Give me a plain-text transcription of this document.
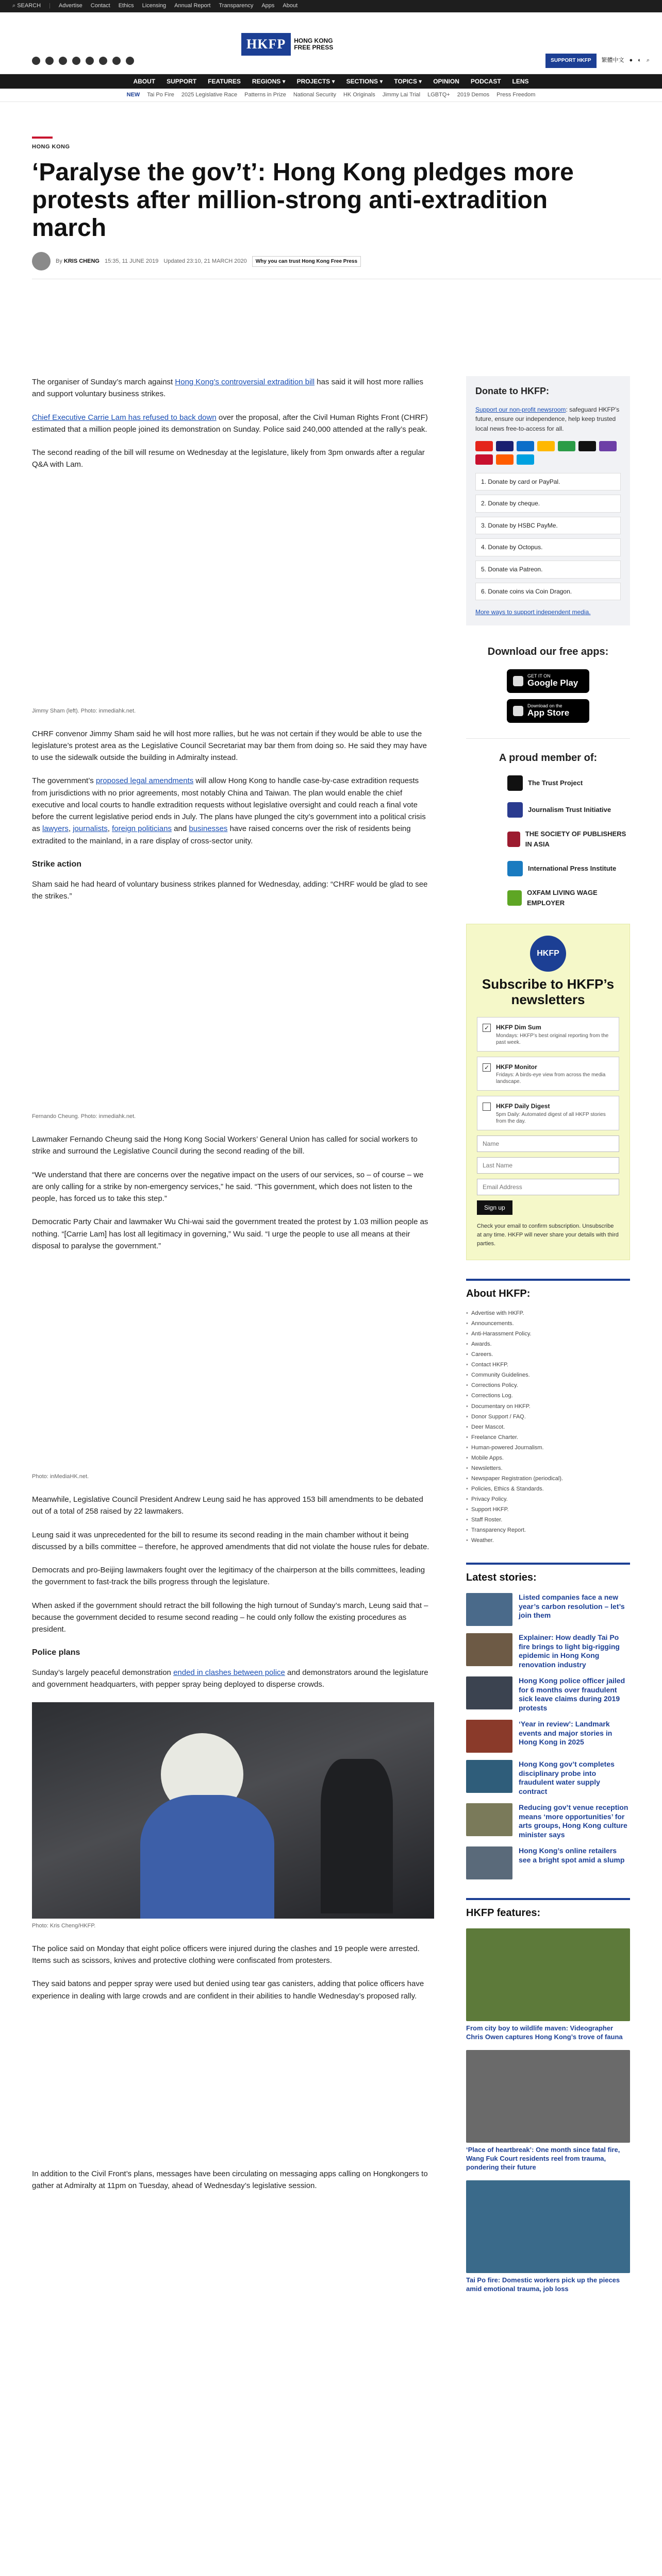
⌕ SEARCH | Advertise Contact Ethics Licensing Annual Report Transparency Apps About
HKFP	HONG KONG
FREE PRESS
SUPPORT HKFP	繁體中文 ● ◐ ⌕
ABOUT SUPPORT FEATURES REGIONS ▾ PROJECTS ▾ SECTIONS ▾ TOPICS ▾ OPINION PODCAST LENS
NEW Tai Po Fire 2025 Legislative Race Patterns in Prize National Security HK Originals Jimmy Lai Trial LGBTQ+ 2019 Demos Press Freedom
HONG KONG
‘Paralyse the gov’t’: Hong Kong pledges more protests after million-strong anti-extradition march
By KRIS CHENG 15:35, 11 JUNE 2019 Updated 23:10, 21 MARCH 2020	Why you can trust Hong Kong Free Press

The organiser of Sunday’s march against Hong Kong’s controversial extradition bill has said it will host more rallies and support voluntary business strikes.

Chief Executive Carrie Lam has refused to back down over the proposal, after the Civil Human Rights Front (CHRF) estimated that a million people joined its demonstration on Sunday. Police said 240,000 attended at the rally’s peak.

The second reading of the bill will resume on Wednesday at the legislature, likely from 3pm onwards after a regular Q&A with Lam.

Jimmy Sham (left). Photo: inmediahk.net.

CHRF convenor Jimmy Sham said he will host more rallies, but he was not certain if they would be able to use the legislature’s protest area as the Legislative Council Secretariat may bar them from doing so. He said they may have to use the sidewalk outside the building in Admiralty instead.

The government’s proposed legal amendments will allow Hong Kong to handle case-by-case extradition requests from jurisdictions with no prior agreements, most notably China and Taiwan. The plan would enable the chief executive and local courts to handle extradition requests without legislative oversight and could reach a final vote before the current legislative period ends in July. The plans have plunged the city’s government into a political crisis as lawyers, journalists, foreign politicians and businesses have raised concerns over the risk of residents being extradited to the mainland, in a rare display of cross-sector unity.

Strike action

Sham said he had heard of voluntary business strikes planned for Wednesday, adding: “CHRF would be glad to see the strikes.”

Fernando Cheung. Photo: inmediahk.net.

Lawmaker Fernando Cheung said the Hong Kong Social Workers’ General Union has called for social workers to strike and surround the Legislative Council during the second reading of the bill.

“We understand that there are concerns over the negative impact on the users of our services, so – of course – we are only calling for a strike by non-emergency services,” he said. “This government, which does not listen to the people, has forced us to take this step.”

Democratic Party Chair and lawmaker Wu Chi-wai said the government treated the protest by 1.03 million people as nothing. “[Carrie Lam] has lost all legitimacy in governing,” Wu said. “I urge the people to use all means at their disposal to paralyse the government.”

Photo: inMediaHK.net.

Meanwhile, Legislative Council President Andrew Leung said he has approved 153 bill amendments to be debated out of a total of 258 raised by 22 lawmakers.

Leung said it was unprecedented for the bill to resume its second reading in the main chamber without it being discussed by a bills committee – therefore, he approved amendments that did not violate the house rules for debate.

Democrats and pro-Beijing lawmakers fought over the legitimacy of the chairperson at the bills committees, leading the government to fast-track the bills progress through the legislature.

When asked if the government should retract the bill following the high turnout of Sunday’s march, Leung said that – because the government decided to resume second reading – he could only follow the existing procedures as president.

Police plans

Sunday’s largely peaceful demonstration ended in clashes between police and demonstrators around the legislature and government headquarters, with pepper spray being deployed to disperse crowds.

Photo: Kris Cheng/HKFP.

The police said on Monday that eight police officers were injured during the clashes and 19 people were arrested. Items such as scissors, knives and protective clothing were confiscated from protesters.

They said batons and pepper spray were used but denied using tear gas canisters, adding that police officers have experience in dealing with large crowds and are confident in their abilities to handle Wednesday’s proposed rally.

In addition to the Civil Front’s plans, messages have been circulating on messaging apps calling on Hongkongers to gather at Admiralty at 11pm on Tuesday, ahead of Wednesday’s legislative session.

Donate to HKFP:
Support our non-profit newsroom: safeguard HKFP’s future, ensure our independence, help keep trusted local news free-to-access for all.
1. Donate by card or PayPal.
2. Donate by cheque.
3. Donate by HSBC PayMe.
4. Donate by Octopus.
5. Donate via Patreon.
6. Donate coins via Coin Dragon.
More ways to support independent media.
Download our free apps:
GET IT ON
Google Play
Download on the
App Store
A proud member of:
The Trust Project
Journalism Trust Initiative
THE SOCIETY OF PUBLISHERS IN ASIA
International Press Institute
OXFAM LIVING WAGE EMPLOYER
HKFP
Subscribe to HKFP’s newsletters
✓ HKFP Dim Sum
Mondays: HKFP’s best original reporting from the past week.
✓ HKFP Monitor
Fridays: A birds-eye view from across the media landscape.
HKFP Daily Digest
5pm Daily: Automated digest of all HKFP stories from the day.
Name Last Name Email Address
Sign up
Check your email to confirm subscription. Unsubscribe at any time. HKFP will never share your details with third parties.
About HKFP:
• Advertise with HKFP.
• Announcements.
• Anti-Harassment Policy.
• Awards.
• Careers.
• Contact HKFP.
• Community Guidelines.
• Corrections Policy.
• Corrections Log.
• Documentary on HKFP.
• Donor Support / FAQ.
• Deer Mascot.
• Freelance Charter.
• Human-powered Journalism.
• Mobile Apps.
• Newsletters.
• Newspaper Registration (periodical).
• Policies, Ethics & Standards.
• Privacy Policy.
• Support HKFP.
• Staff Roster.
• Transparency Report.
• Weather.
Latest stories:
Listed companies face a new year’s carbon resolution – let’s join them
Explainer: How deadly Tai Po fire brings to light big-rigging epidemic in Hong Kong renovation industry
Hong Kong police officer jailed for 6 months over fraudulent sick leave claims during 2019 protests
‘Year in review’: Landmark events and major stories in Hong Kong in 2025
Hong Kong gov’t completes disciplinary probe into fraudulent water supply contract
Reducing gov’t venue reception means ‘more opportunities’ for arts groups, Hong Kong culture minister says
Hong Kong’s online retailers see a bright spot amid a slump
HKFP features:
From city boy to wildlife maven: Videographer Chris Owen captures Hong Kong’s trove of fauna
‘Place of heartbreak’: One month since fatal fire, Wang Fuk Court residents reel from trauma, pondering their future
Tai Po fire: Domestic workers pick up the pieces amid emotional trauma, job loss
